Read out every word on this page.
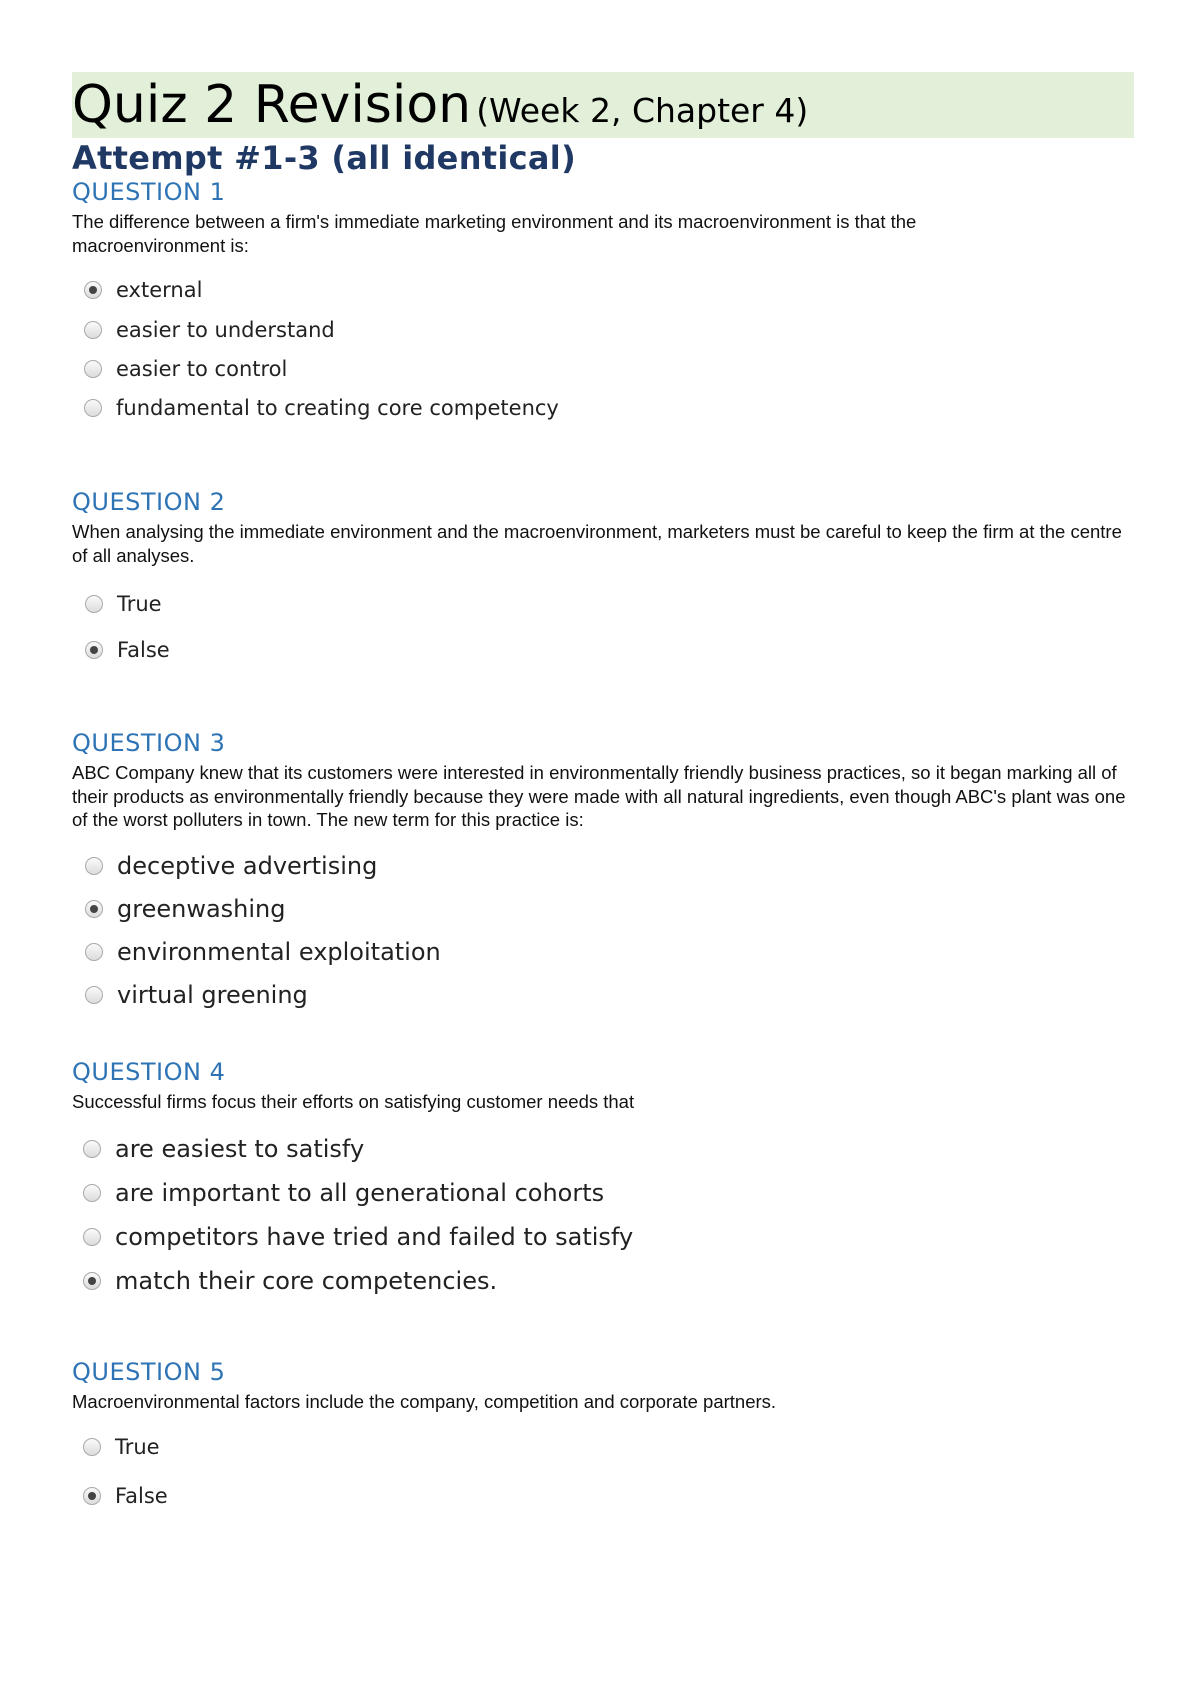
Quiz 2 Revision (Week 2, Chapter 4)
Attempt #1-3 (all identical)
QUESTION 1
The difference between a firm's immediate marketing environment and its macroenvironment is that the macroenvironment is:
external
easier to understand
easier to control
fundamental to creating core competency
QUESTION 2
When analysing the immediate environment and the macroenvironment, marketers must be careful to keep the firm at the centre of all analyses.
True
False
QUESTION 3
ABC Company knew that its customers were interested in environmentally friendly business practices, so it began marking all of their products as environmentally friendly because they were made with all natural ingredients, even though ABC's plant was one of the worst polluters in town. The new term for this practice is:
deceptive advertising
greenwashing
environmental exploitation
virtual greening
QUESTION 4
Successful firms focus their efforts on satisfying customer needs that
are easiest to satisfy
are important to all generational cohorts
competitors have tried and failed to satisfy
match their core competencies.
QUESTION 5
Macroenvironmental factors include the company, competition and corporate partners.
True
False
